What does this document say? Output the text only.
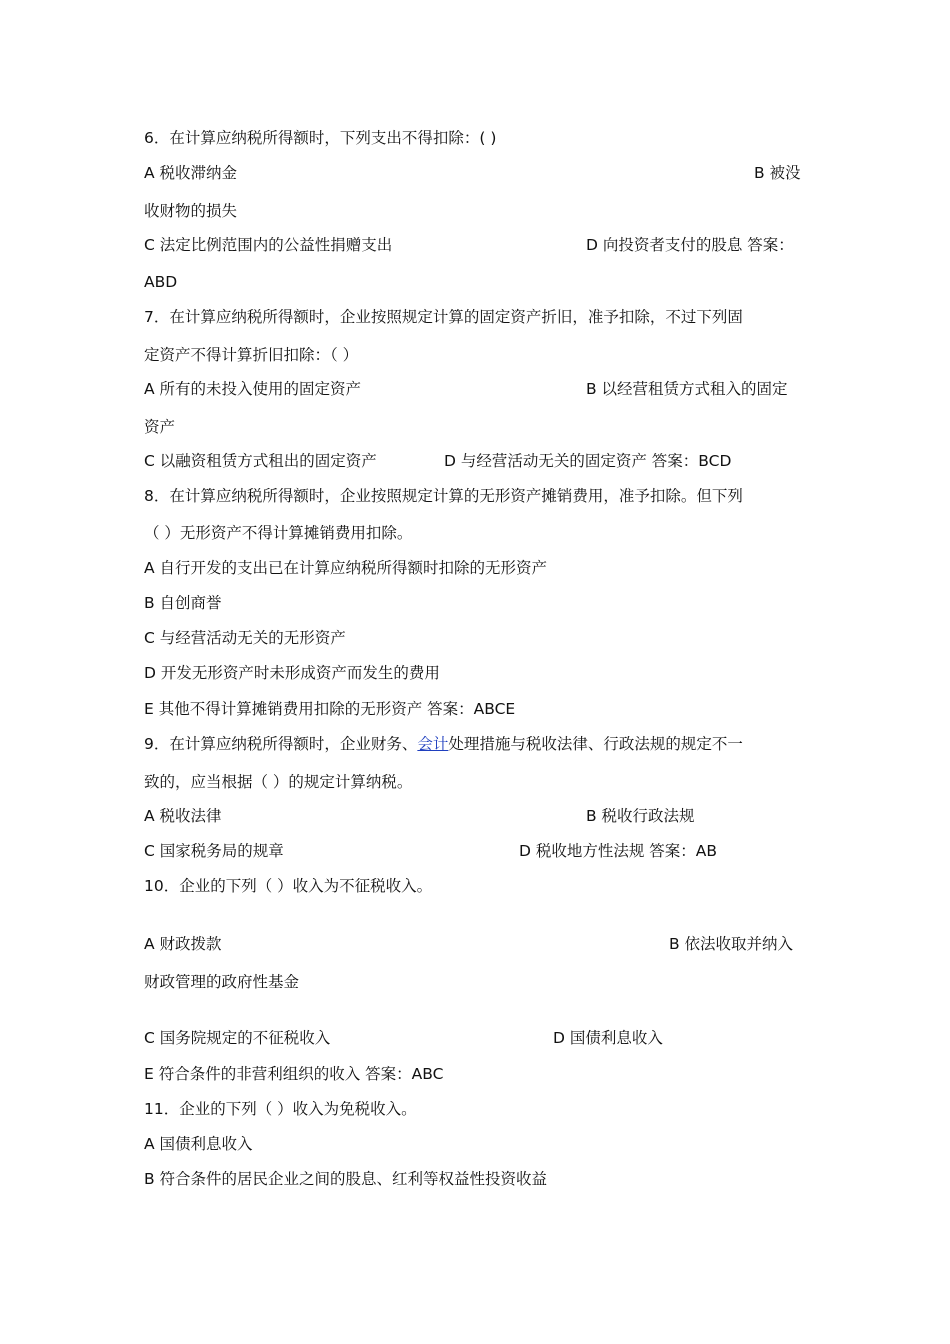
6．在计算应纳税所得额时，下列支出不得扣除：( )
A 税收滞纳金	B 被没
收财物的损失
C 法定比例范围内的公益性捐赠支出	D 向投资者支付的股息 答案：
ABD
7．在计算应纳税所得额时，企业按照规定计算的固定资产折旧，准予扣除，不过下列固
定资产不得计算折旧扣除：（ ）
A 所有的未投入使用的固定资产	B 以经营租赁方式租入的固定
资产
C 以融资租赁方式租出的固定资产	D 与经营活动无关的固定资产 答案：BCD
8．在计算应纳税所得额时，企业按照规定计算的无形资产摊销费用，准予扣除。但下列
（ ）无形资产不得计算摊销费用扣除。
A 自行开发的支出已在计算应纳税所得额时扣除的无形资产
B 自创商誉
C 与经营活动无关的无形资产
D 开发无形资产时未形成资产而发生的费用
E 其他不得计算摊销费用扣除的无形资产 答案：ABCE
9．在计算应纳税所得额时，企业财务、会计处理措施与税收法律、行政法规的规定不一
致的，应当根据（ ）的规定计算纳税。
A 税收法律	B 税收行政法规
C 国家税务局的规章	D 税收地方性法规 答案：AB
10．企业的下列（ ）收入为不征税收入。
A 财政拨款	B 依法收取并纳入
财政管理的政府性基金
C 国务院规定的不征税收入	D 国债利息收入
E 符合条件的非营利组织的收入 答案：ABC
11．企业的下列（ ）收入为免税收入。
A 国债利息收入
B 符合条件的居民企业之间的股息、红利等权益性投资收益
